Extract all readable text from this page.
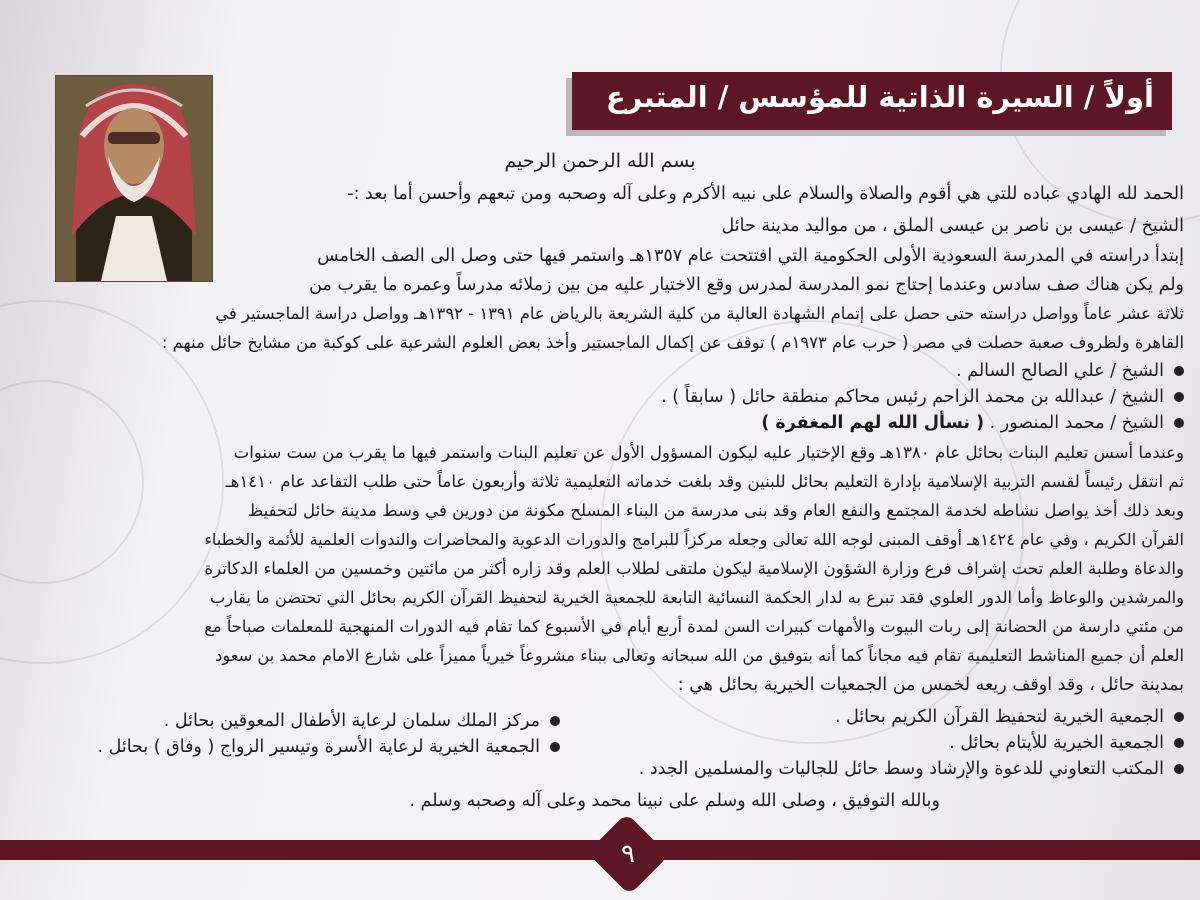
أولاً / السيرة الذاتية للمؤسس / المتبرع
بسم الله الرحمن الرحيم
الحمد لله الهادي عباده للتي هي أقوم والصلاة والسلام على نبيه الأكرم وعلى آله وصحبه ومن تبعهم وأحسن أما بعد :-
الشيخ / عيسى بن ناصر بن عيسى الملق ، من مواليد مدينة حائل
إبتدأ دراسته في المدرسة السعودية الأولى الحكومية التي افتتحت عام ١٣٥٧هـ واستمر فيها حتى وصل الى الصف الخامس
ولم يكن هناك صف سادس وعندما إحتاج نمو المدرسة لمدرس وقع الاختيار عليه من بين زملائه مدرساً وعمره ما يقرب من
ثلاثة عشر عاماً وواصل دراسته حتى حصل على إتمام الشهادة العالية من كلية الشريعة بالرياض عام ١٣٩١ - ١٣٩٢هـ وواصل دراسة الماجستير في
القاهرة ولظروف صعبة حصلت في مصر ( حرب عام ١٩٧٣م ) توقف عن إكمال الماجستير وأخذ بعض العلوم الشرعية على كوكبة من مشايخ حائل منهم :
الشيخ / علي الصالح السالم .
الشيخ / عبدالله بن محمد الزاحم رئيس محاكم منطقة حائل ( سابقاً ) .
الشيخ / محمد المنصور . ( نسأل الله لهم المغفرة )
وعندما أسس تعليم البنات بحائل عام ١٣٨٠هـ وقع الإختيار عليه ليكون المسؤول الأول عن تعليم البنات واستمر فيها ما يقرب من ست سنوات
ثم انتقل رئيساً لقسم التربية الإسلامية بإدارة التعليم بحائل للبنين وقد بلغت خدماته التعليمية ثلاثة وأربعون عاماً حتى طلب التقاعد عام ١٤١٠هـ
وبعد ذلك أخذ يواصل نشاطه لخدمة المجتمع والنفع العام وقد بنى مدرسة من البناء المسلح مكونة من دورين في وسط مدينة حائل لتحفيظ
القرآن الكريم ، وفي عام ١٤٢٤هـ أوقف المبنى لوجه الله تعالى وجعله مركزاً للبرامج والدورات الدعوية والمحاضرات والندوات العلمية للأئمة والخطباء
والدعاة وطلبة العلم تحت إشراف فرع وزارة الشؤون الإسلامية ليكون ملتقى لطلاب العلم وقد زاره أكثر من مائتين وخمسين من العلماء الدكاترة
والمرشدين والوعاظ وأما الدور العلوي فقد تبرع به لدار الحكمة النسائية التابعة للجمعية الخيرية لتحفيظ القرآن الكريم بحائل التي تحتضن ما يقارب
من مئتي دارسة من الحضانة إلى ربات البيوت والأمهات كبيرات السن لمدة أربع أيام في الأسبوع كما تقام فيه الدورات المنهجية للمعلمات صباحاً مع
العلم أن جميع المناشط التعليمية تقام فيه مجاناً كما أنه بتوفيق من الله سبحانه وتعالى ببناء مشروعاً خيرياً مميزاً على شارع الامام محمد بن سعود
بمدينة حائل ، وقد اوقف ريعه لخمس من الجمعيات الخيرية بحائل هي :
الجمعية الخيرية لتحفيظ القرآن الكريم بحائل .
الجمعية الخيرية للأيتام بحائل .
المكتب التعاوني للدعوة والإرشاد وسط حائل للجاليات والمسلمين الجدد .
مركز الملك سلمان لرعاية الأطفال المعوقين بحائل .
الجمعية الخيرية لرعاية الأسرة وتيسير الزواج ( وفاق ) بحائل .
وبالله التوفيق ، وصلى الله وسلم على نبينا محمد وعلى آله وصحبه وسلم .
٩
